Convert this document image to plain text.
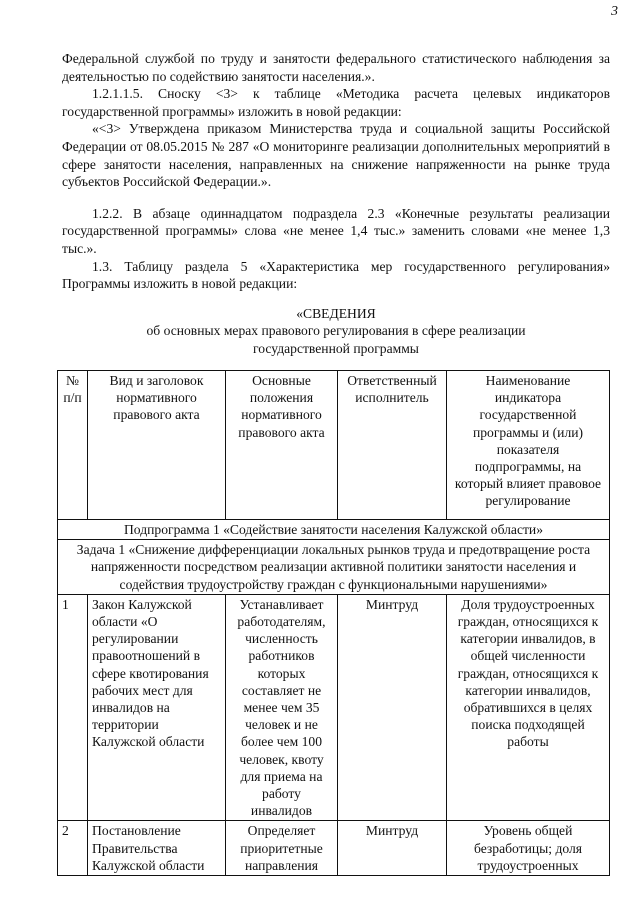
3

Федеральной службой по труду и занятости федерального статистического наблюдения за деятельностью по содействию занятости населения.».

1.2.1.1.5. Сноску <3> к таблице «Методика расчета целевых индикаторов государственной программы» изложить в новой редакции:

«<3> Утверждена приказом Министерства труда и социальной защиты Российской Федерации от 08.05.2015 № 287 «О мониторинге реализации дополнительных мероприятий в сфере занятости населения, направленных на снижение напряженности на рынке труда субъектов Российской Федерации.».

1.2.2. В абзаце одиннадцатом подраздела 2.3 «Конечные результаты реализации государственной программы» слова «не менее 1,4 тыс.» заменить словами «не менее 1,3 тыс.».

1.3. Таблицу раздела 5 «Характеристика мер государственного регулирования» Программы изложить в новой редакции:

«СВЕДЕНИЯ
об основных мерах правового регулирования в сфере реализации
государственной программы
№ п/п	Вид и заголовок нормативного правового акта	Основные положения нормативного правового акта	Ответственный исполнитель	Наименование индикатора государственной программы и (или) показателя подпрограммы, на который влияет правовое регулирование
Подпрограмма 1 «Содействие занятости населения Калужской области»				
Задача 1 «Снижение дифференциации локальных рынков труда и предотвращение роста напряженности посредством реализации активной политики занятости населения и содействия трудоустройству граждан с функциональными нарушениями»				
1	Закон Калужской области «О регулировании правоотношений в сфере квотирования рабочих мест для инвалидов на территории Калужской области	Устанавливает работодателям, численность работников которых составляет не менее чем 35 человек и не более чем 100 человек, квоту для приема на работу инвалидов	Минтруд	Доля трудоустроенных граждан, относящихся к категории инвалидов, в общей численности граждан, относящихся к категории инвалидов, обратившихся в целях поиска подходящей работы
2	Постановление Правительства Калужской области	Определяет приоритетные направления	Минтруд	Уровень общей безработицы; доля трудоустроенных
